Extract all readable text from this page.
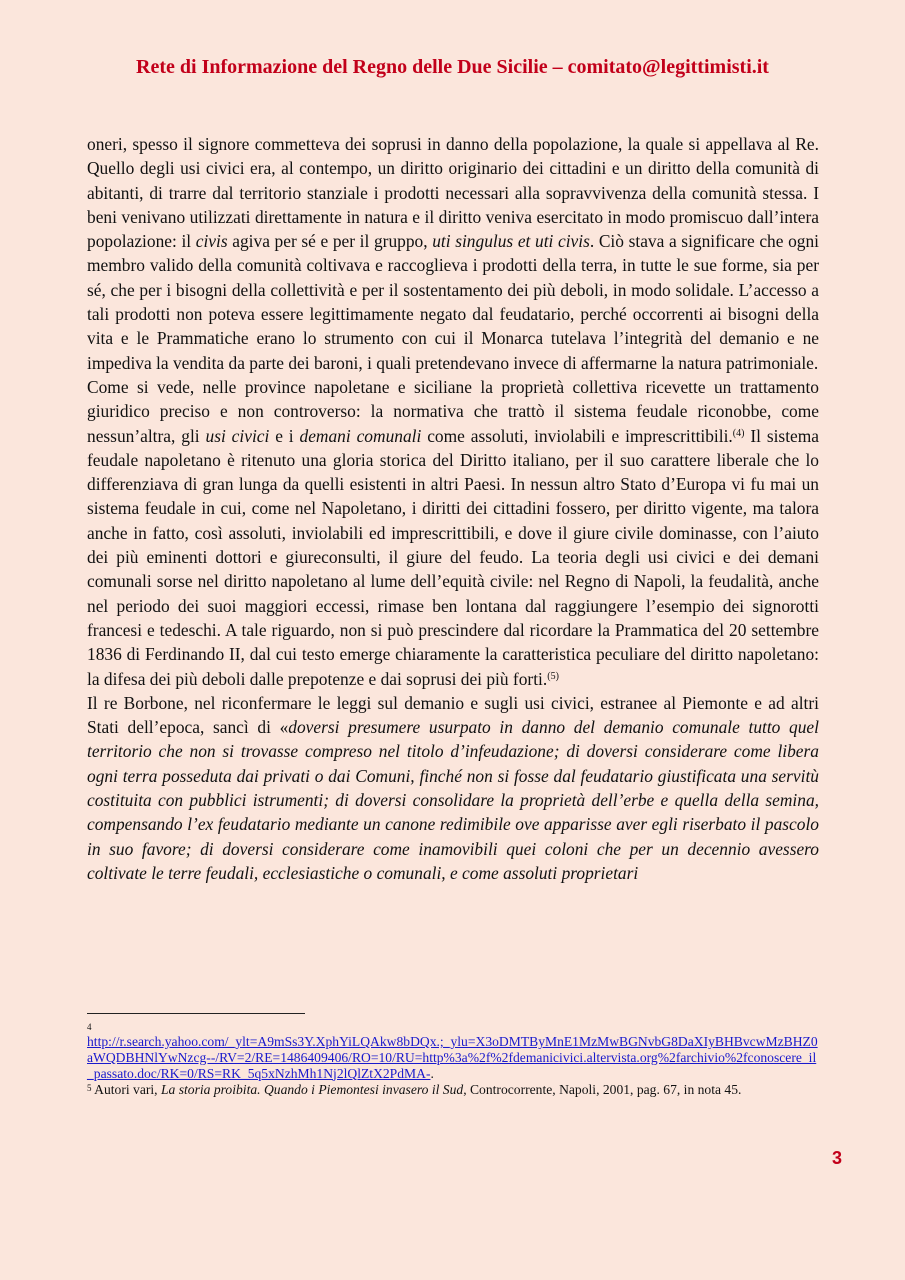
Rete di Informazione del Regno delle Due Sicilie – comitato@legittimisti.it

oneri, spesso il signore commetteva dei soprusi in danno della popolazione, la quale si appellava al Re. Quello degli usi civici era, al contempo, un diritto originario dei cittadini e un diritto della comunità di abitanti, di trarre dal territorio stanziale i prodotti necessari alla sopravvivenza della comunità stessa. I beni venivano utilizzati direttamente in natura e il diritto veniva esercitato in modo promiscuo dall’intera popolazione: il civis agiva per sé e per il gruppo, uti singulus et uti civis. Ciò stava a significare che ogni membro valido della comunità coltivava e raccoglieva i prodotti della terra, in tutte le sue forme, sia per sé, che per i bisogni della collettività e per il sostentamento dei più deboli, in modo solidale. L’accesso a tali prodotti non poteva essere legittimamente negato dal feudatario, perché occorrenti ai bisogni della vita e le Prammatiche erano lo strumento con cui il Monarca tutelava l’integrità del demanio e ne impediva la vendita da parte dei baroni, i quali pretendevano invece di affermarne la natura patrimoniale.

Come si vede, nelle province napoletane e siciliane la proprietà collettiva ricevette un trattamento giuridico preciso e non controverso: la normativa che trattò il sistema feudale riconobbe, come nessun’altra, gli usi civici e i demani comunali come assoluti, inviolabili e imprescrittibili.$^{(4)}$ Il sistema feudale napoletano è ritenuto una gloria storica del Diritto italiano, per il suo carattere liberale che lo differenziava di gran lunga da quelli esistenti in altri Paesi. In nessun altro Stato d’Europa vi fu mai un sistema feudale in cui, come nel Napoletano, i diritti dei cittadini fossero, per diritto vigente, ma talora anche in fatto, così assoluti, inviolabili ed imprescrittibili, e dove il giure civile dominasse, con l’aiuto dei più eminenti dottori e giureconsulti, il giure del feudo. La teoria degli usi civici e dei demani comunali sorse nel diritto napoletano al lume dell’equità civile: nel Regno di Napoli, la feudalità, anche nel periodo dei suoi maggiori eccessi, rimase ben lontana dal raggiungere l’esempio dei signorotti francesi e tedeschi. A tale riguardo, non si può prescindere dal ricordare la Prammatica del 20 settembre 1836 di Ferdinando II, dal cui testo emerge chiaramente la caratteristica peculiare del diritto napoletano: la difesa dei più deboli dalle prepotenze e dai soprusi dei più forti.$^{(5)}$

Il re Borbone, nel riconfermare le leggi sul demanio e sugli usi civici, estranee al Piemonte e ad altri Stati dell’epoca, sancì di «doversi presumere usurpato in danno del demanio comunale tutto quel territorio che non si trovasse compreso nel titolo d’infeudazione; di doversi considerare come libera ogni terra posseduta dai privati o dai Comuni, finché non si fosse dal feudatario giustificata una servitù costituita con pubblici istrumenti; di doversi consolidare la proprietà dell’erbe e quella della semina, compensando l’ex feudatario mediante un canone redimibile ove apparisse aver egli riserbato il pascolo in suo favore; di doversi considerare come inamovibili quei coloni che per un decennio avessero coltivate le terre feudali, ecclesiastiche o comunali, e come assoluti proprietari

4
http://r.search.yahoo.com/_ylt=A9mSs3Y.XphYiLQAkw8bDQx.;_ylu=X3oDMTByMnE1MzMwBGNvbG8DaXIyBHBvcwMzBHZ0aWQDBHNlYwNzcg--/RV=2/RE=1486409406/RO=10/RU=http%3a%2f%2fdemanicivici.altervista.org%2farchivio%2fconoscere_il_passato.doc/RK=0/RS=RK_5q5xNzhMh1Nj2lQlZtX2PdMA-.
$^5$ Autori vari, La storia proibita. Quando i Piemontesi invasero il Sud, Controcorrente, Napoli, 2001, pag. 67, in nota 45.
3
